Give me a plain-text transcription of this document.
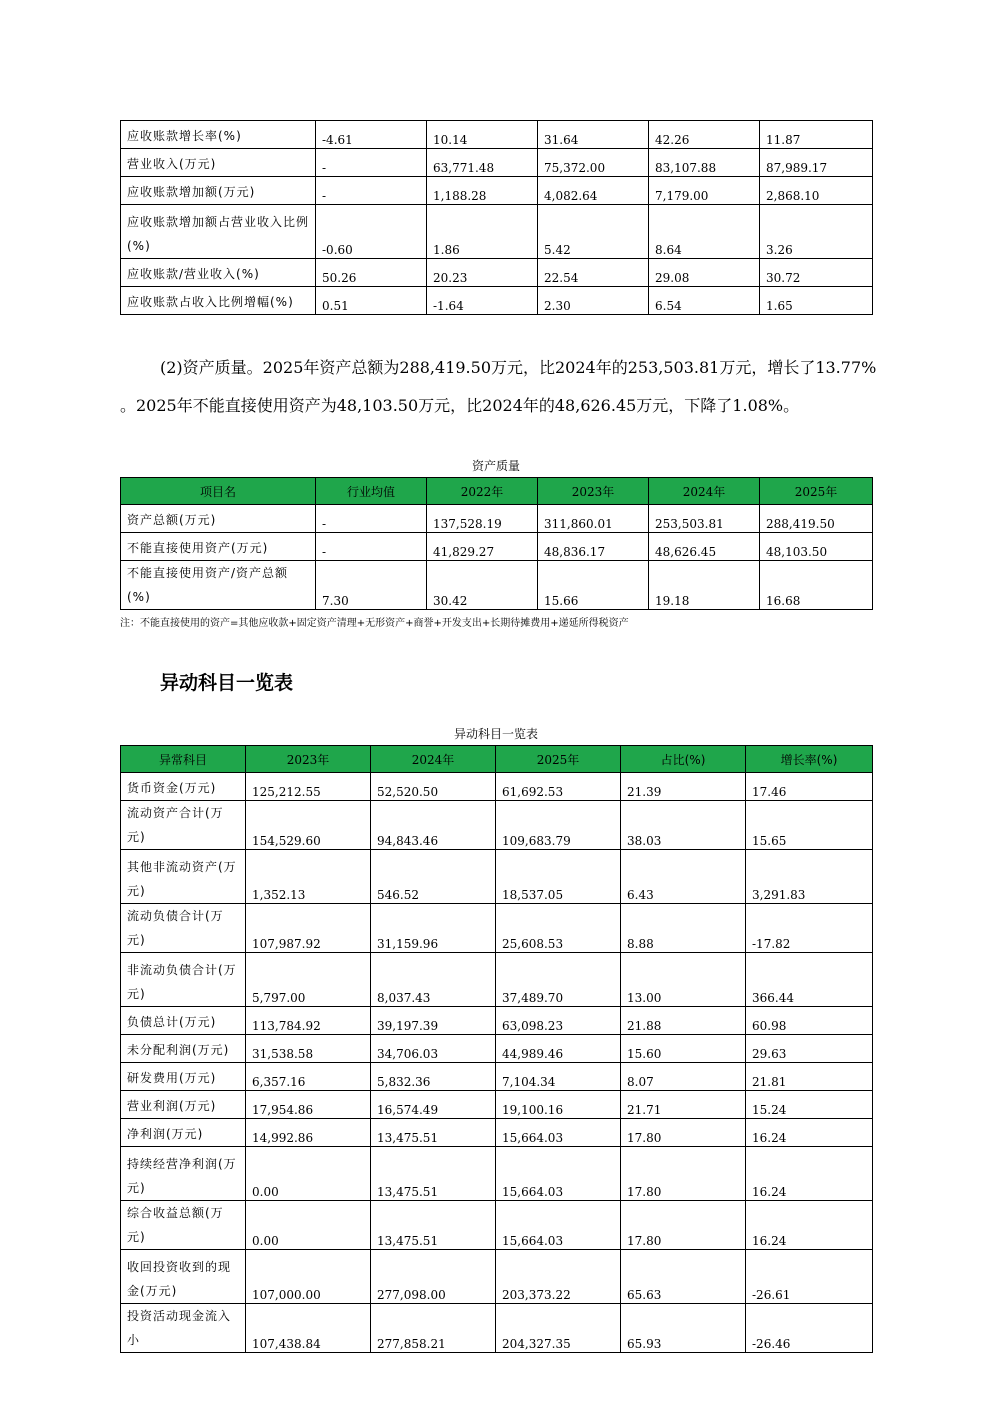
应收账款增长率(%)	-4.61	10.14	31.64	42.26	11.87
营业收入(万元)	-	63,771.48	75,372.00	83,107.88	87,989.17
应收账款增加额(万元)	-	1,188.28	4,082.64	7,179.00	2,868.10
应收账款增加额占营业收入比例(%)	-0.60	1.86	5.42	8.64	3.26
应收账款/营业收入(%)	50.26	20.23	22.54	29.08	30.72
应收账款占收入比例增幅(%)	0.51	-1.64	2.30	6.54	1.65
(2)资产质量。2025年资产总额为288,419.50万元，比2024年的253,503.81万元，增长了13.77%
。2025年不能直接使用资产为48,103.50万元，比2024年的48,626.45万元，下降了1.08%。
资产质量
项目名	行业均值	2022年	2023年	2024年	2025年
资产总额(万元)	-	137,528.19	311,860.01	253,503.81	288,419.50
不能直接使用资产(万元)	-	41,829.27	48,836.17	48,626.45	48,103.50
不能直接使用资产/资产总额(%)	7.30	30.42	15.66	19.18	16.68
注：不能直接使用的资产=其他应收款+固定资产清理+无形资产+商誉+开发支出+长期待摊费用+递延所得税资产
异动科目一览表
异动科目一览表
异常科目	2023年	2024年	2025年	占比(%)	增长率(%)
货币资金(万元)	125,212.55	52,520.50	61,692.53	21.39	17.46
流动资产合计(万元)	154,529.60	94,843.46	109,683.79	38.03	15.65
其他非流动资产(万元)	1,352.13	546.52	18,537.05	6.43	3,291.83
流动负债合计(万元)	107,987.92	31,159.96	25,608.53	8.88	-17.82
非流动负债合计(万元)	5,797.00	8,037.43	37,489.70	13.00	366.44
负债总计(万元)	113,784.92	39,197.39	63,098.23	21.88	60.98
未分配利润(万元)	31,538.58	34,706.03	44,989.46	15.60	29.63
研发费用(万元)	6,357.16	5,832.36	7,104.34	8.07	21.81
营业利润(万元)	17,954.86	16,574.49	19,100.16	21.71	15.24
净利润(万元)	14,992.86	13,475.51	15,664.03	17.80	16.24
持续经营净利润(万元)	0.00	13,475.51	15,664.03	17.80	16.24
综合收益总额(万元)	0.00	13,475.51	15,664.03	17.80	16.24
收回投资收到的现金(万元)	107,000.00	277,098.00	203,373.22	65.63	-26.61
投资活动现金流入小	107,438.84	277,858.21	204,327.35	65.93	-26.46
